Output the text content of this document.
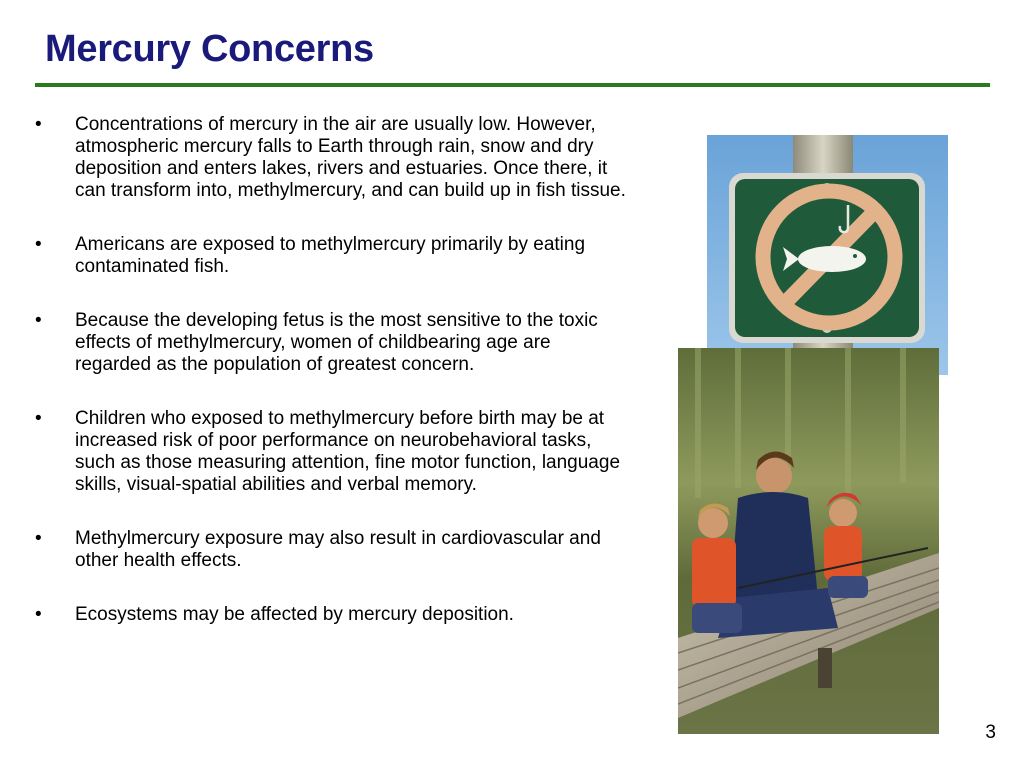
Mercury Concerns
• Concentrations of mercury in the air are usually low. However, atmospheric mercury falls to Earth through rain, snow and dry deposition and enters lakes, rivers and estuaries. Once there, it can transform into, methylmercury, and can build up in fish tissue.
• Americans are exposed to methylmercury primarily by eating contaminated fish.
• Because the developing fetus is the most sensitive to the toxic effects of methylmercury, women of childbearing age are regarded as the population of greatest concern.
• Children who exposed to methylmercury before birth may be at increased risk of poor performance on neurobehavioral tasks, such as those measuring attention, fine motor function, language skills, visual-spatial abilities and verbal memory.
• Methylmercury exposure may also result in cardiovascular and other health effects.
• Ecosystems may be affected by mercury deposition.
3
